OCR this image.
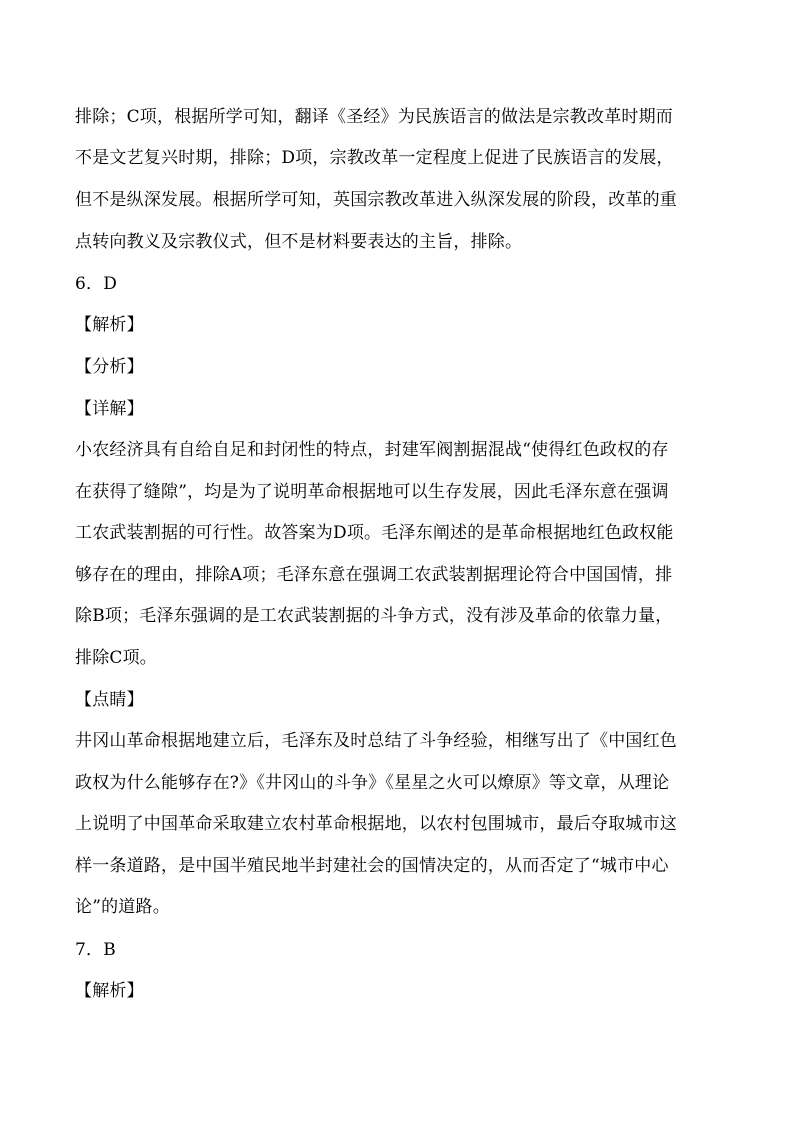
排除；C项，根据所学可知，翻译《圣经》为民族语言的做法是宗教改革时期而
不是文艺复兴时期，排除；D项，宗教改革一定程度上促进了民族语言的发展，
但不是纵深发展。根据所学可知，英国宗教改革进入纵深发展的阶段，改革的重
点转向教义及宗教仪式，但不是材料要表达的主旨，排除。
6．D
【解析】
【分析】
【详解】
小农经济具有自给自足和封闭性的特点，封建军阀割据混战“使得红色政权的存
在获得了缝隙”，均是为了说明革命根据地可以生存发展，因此毛泽东意在强调
工农武装割据的可行性。故答案为D项。毛泽东阐述的是革命根据地红色政权能
够存在的理由，排除A项；毛泽东意在强调工农武装割据理论符合中国国情，排
除B项；毛泽东强调的是工农武装割据的斗争方式，没有涉及革命的依靠力量，
排除C项。
【点睛】
井冈山革命根据地建立后，毛泽东及时总结了斗争经验，相继写出了《中国红色
政权为什么能够存在?》《井冈山的斗争》《星星之火可以燎原》等文章，从理论
上说明了中国革命采取建立农村革命根据地，以农村包围城市，最后夺取城市这
样一条道路，是中国半殖民地半封建社会的国情决定的，从而否定了“城市中心
论”的道路。
7．B
【解析】
